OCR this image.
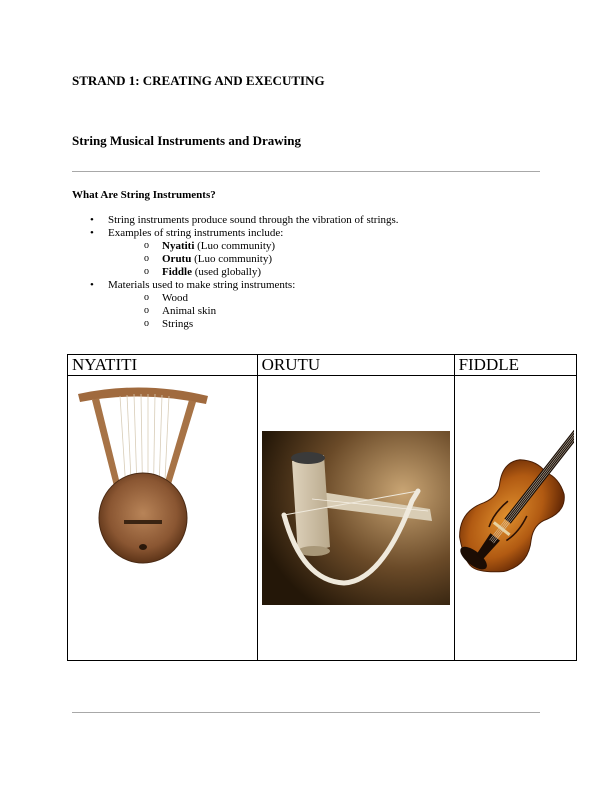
STRAND 1: CREATING AND EXECUTING

String Musical Instruments and Drawing

What Are String Instruments?

• String instruments produce sound through the vibration of strings.
• Examples of string instruments include:
o Nyatiti (Luo community)
o Orutu (Luo community)
o Fiddle (used globally)
• Materials used to make string instruments:
o Wood
o Animal skin
o Strings
NYATITI	ORUTU	FIDDLE
